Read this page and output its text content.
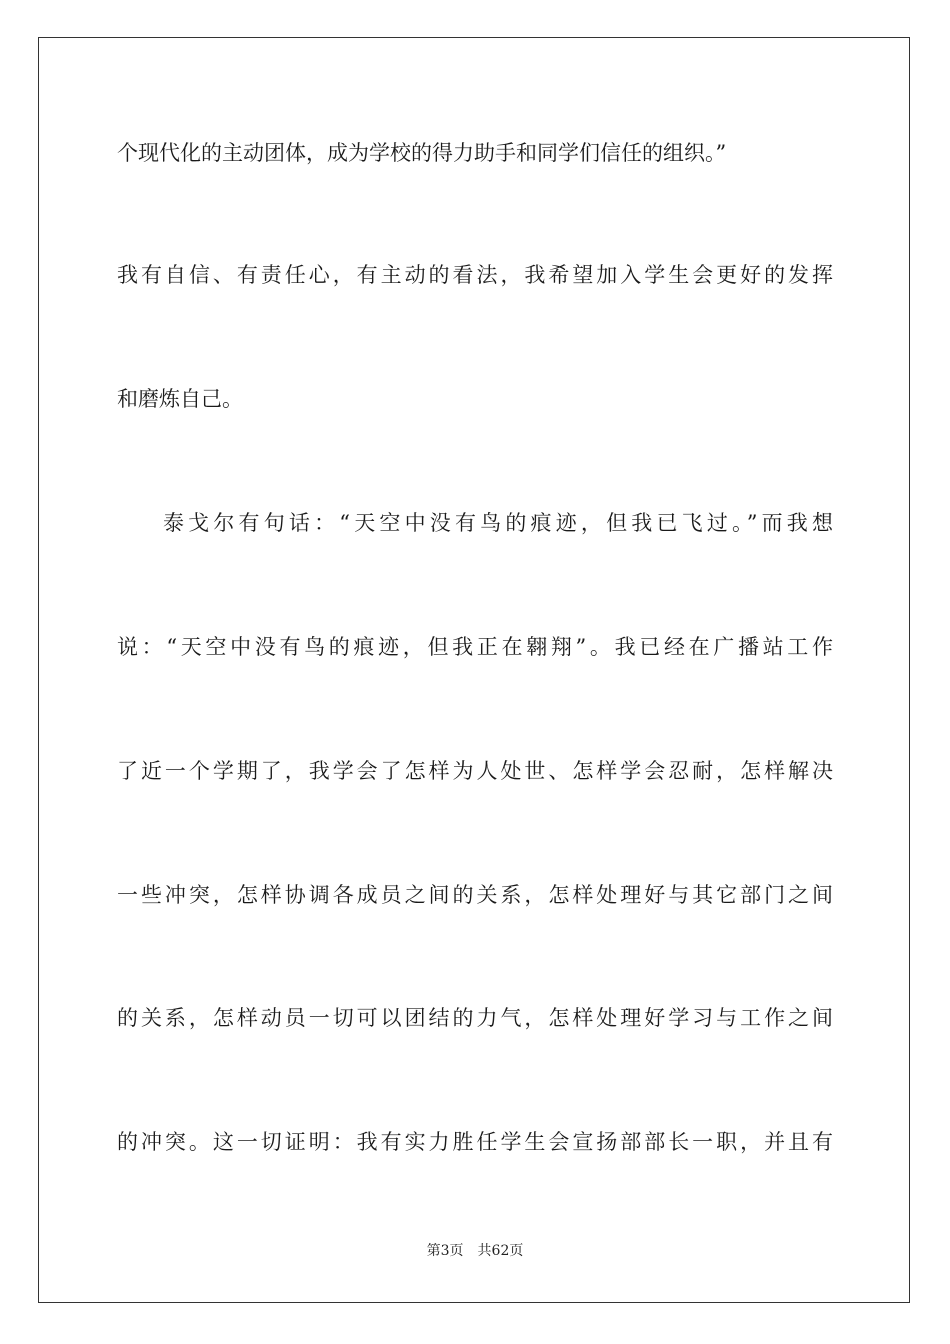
个现代化的主动团体，成为学校的得力助手和同学们信任的组织。”
我有自信、有责任心，有主动的看法，我希望加入学生会更好的发挥
和磨炼自己。
泰戈尔有句话：“天空中没有鸟的痕迹，但我已飞过。”而我想
说：“天空中没有鸟的痕迹，但我正在翱翔”。我已经在广播站工作
了近一个学期了，我学会了怎样为人处世、怎样学会忍耐，怎样解决
一些冲突，怎样协调各成员之间的关系，怎样处理好与其它部门之间
的关系，怎样动员一切可以团结的力气，怎样处理好学习与工作之间
的冲突。这一切证明：我有实力胜任学生会宣扬部部长一职，并且有
第3页 共62页
